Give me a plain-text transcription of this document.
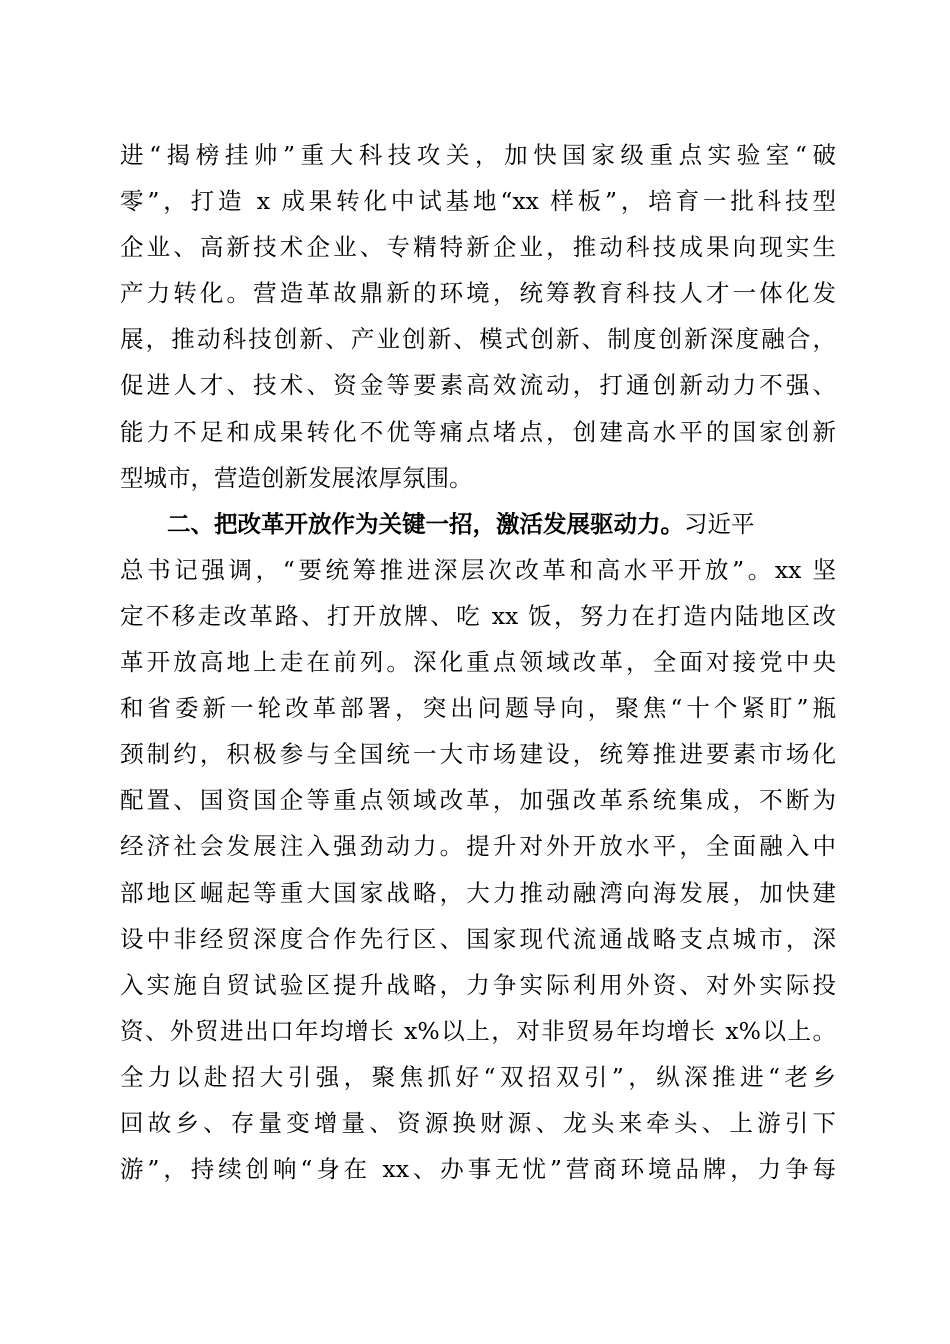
进“揭榜挂帅”重大科技攻关，加快国家级重点实验室“破
零”，打造 x 成果转化中试基地“xx 样板”，培育一批科技型
企业、高新技术企业、专精特新企业，推动科技成果向现实生
产力转化。营造革故鼎新的环境，统筹教育科技人才一体化发
展，推动科技创新、产业创新、模式创新、制度创新深度融合，
促进人才、技术、资金等要素高效流动，打通创新动力不强、
能力不足和成果转化不优等痛点堵点，创建高水平的国家创新
型城市，营造创新发展浓厚氛围。
二、把改革开放作为关键一招，激活发展驱动力。习近平
总书记强调，“要统筹推进深层次改革和高水平开放”。xx 坚
定不移走改革路、打开放牌、吃 xx 饭，努力在打造内陆地区改
革开放高地上走在前列。深化重点领域改革，全面对接党中央
和省委新一轮改革部署，突出问题导向，聚焦“十个紧盯”瓶
颈制约，积极参与全国统一大市场建设，统筹推进要素市场化
配置、国资国企等重点领域改革，加强改革系统集成，不断为
经济社会发展注入强劲动力。提升对外开放水平，全面融入中
部地区崛起等重大国家战略，大力推动融湾向海发展，加快建
设中非经贸深度合作先行区、国家现代流通战略支点城市，深
入实施自贸试验区提升战略，力争实际利用外资、对外实际投
资、外贸进出口年均增长 x%以上，对非贸易年均增长 x%以上。
全力以赴招大引强，聚焦抓好“双招双引”，纵深推进“老乡
回故乡、存量变增量、资源换财源、龙头来牵头、上游引下
游”，持续创响“身在 xx、办事无忧”营商环境品牌，力争每
